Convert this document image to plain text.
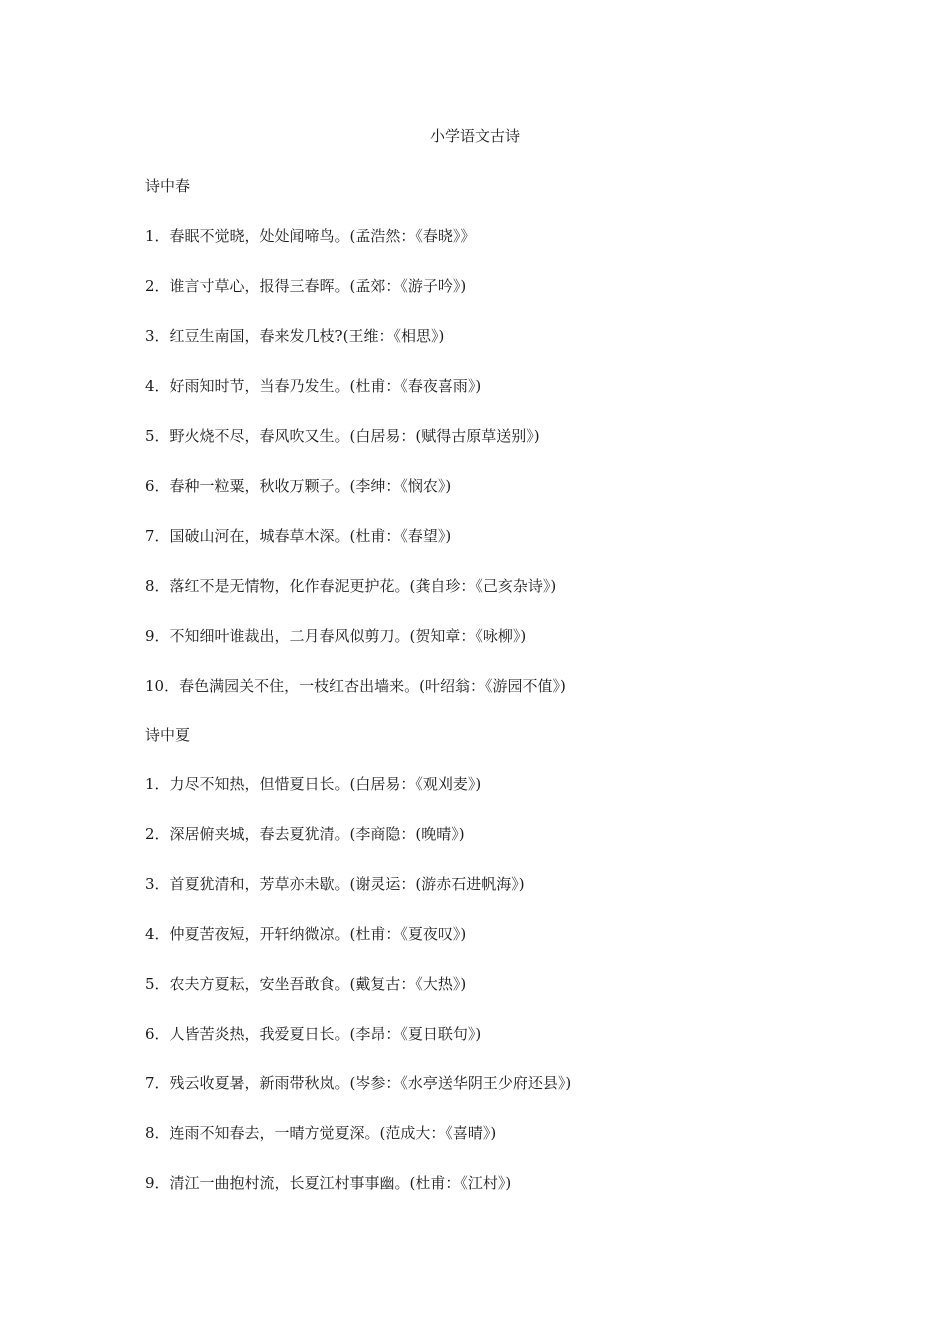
小学语文古诗
诗中春
1．春眠不觉晓，处处闻啼鸟。(孟浩然：《春晓》》
2．谁言寸草心，报得三春晖。(孟郊：《游子吟》)
3．红豆生南国，春来发几枝?(王维：《相思》)
4．好雨知时节，当春乃发生。(杜甫：《春夜喜雨》)
5．野火烧不尽，春风吹又生。(白居易：(赋得古原草送别》)
6．春种一粒粟，秋收万颗子。(李绅：《悯农》)
7．国破山河在，城春草木深。(杜甫：《春望》)
8．落红不是无情物，化作春泥更护花。(龚自珍：《己亥杂诗》)
9．不知细叶谁裁出，二月春风似剪刀。(贺知章：《咏柳》)
10．春色满园关不住，一枝红杏出墙来。(叶绍翁：《游园不值》)
诗中夏
1．力尽不知热，但惜夏日长。(白居易：《观刈麦》)
2．深居俯夹城，春去夏犹清。(李商隐：(晚晴》)
3．首夏犹清和，芳草亦未歇。(谢灵运：(游赤石进帆海》)
4．仲夏苦夜短，开轩纳微凉。(杜甫：《夏夜叹》)
5．农夫方夏耘，安坐吾敢食。(戴复古：《大热》)
6．人皆苦炎热，我爱夏日长。(李昂：《夏日联句》)
7．残云收夏暑，新雨带秋岚。(岑参：《水亭送华阴王少府还县》)
8．连雨不知春去，一晴方觉夏深。(范成大：《喜晴》)
9．清江一曲抱村流，长夏江村事事幽。(杜甫：《江村》)
